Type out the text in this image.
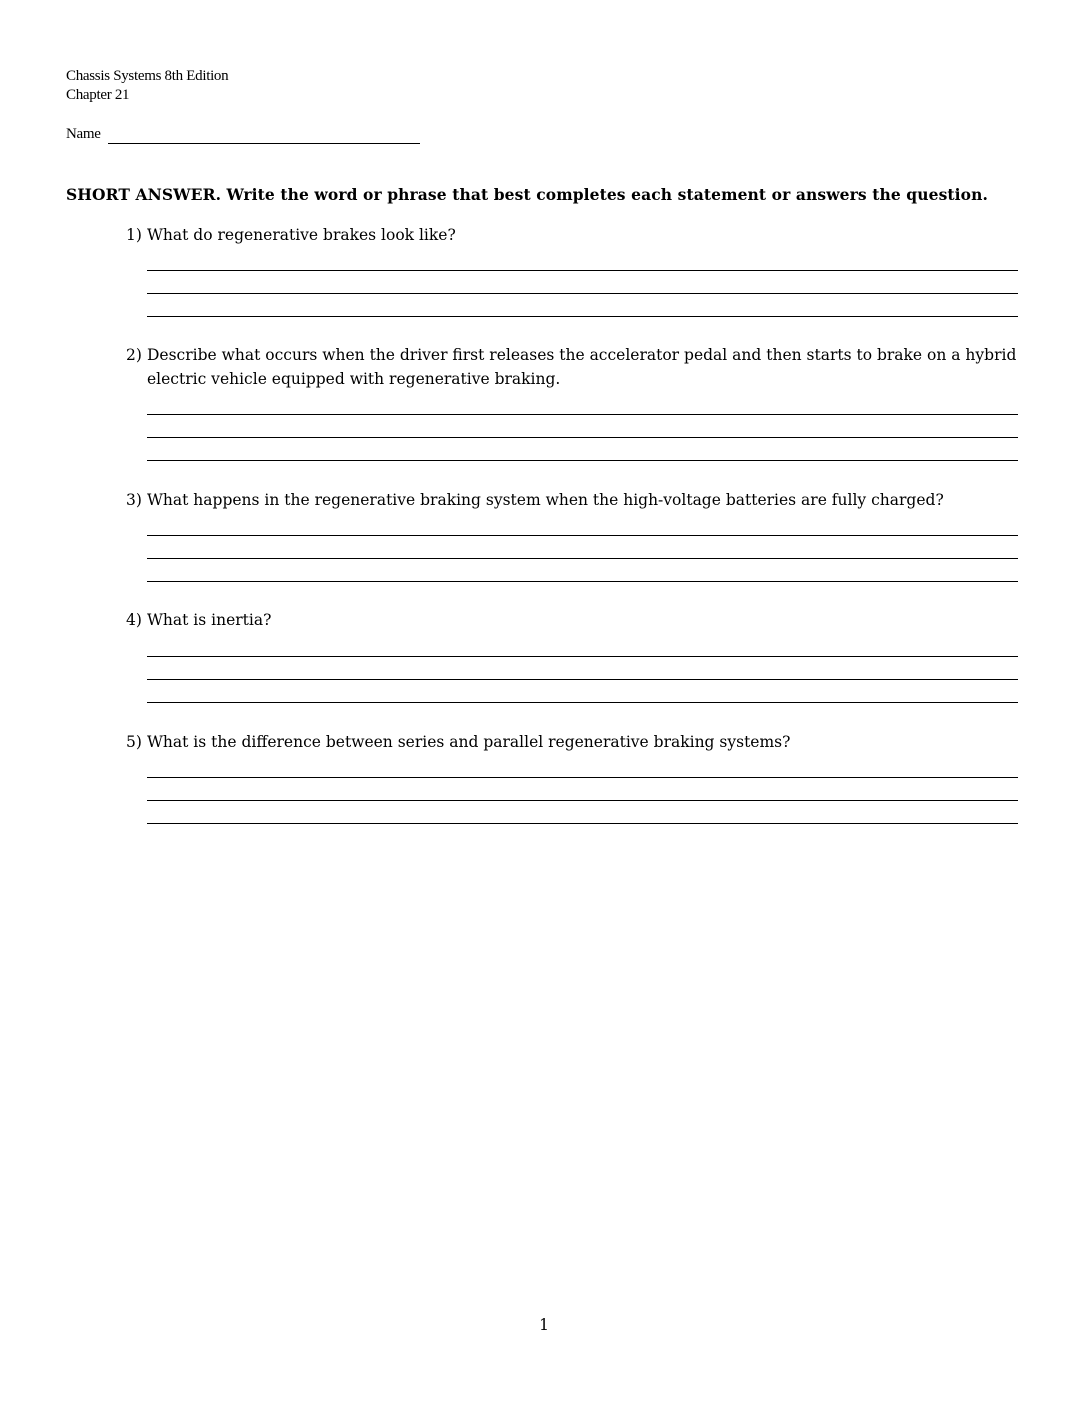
Chassis Systems 8th Edition
Chapter 21
Name
SHORT ANSWER. Write the word or phrase that best completes each statement or answers the question.
1) What do regenerative brakes look like?
2) Describe what occurs when the driver first releases the accelerator pedal and then starts to brake on a hybrid electric vehicle equipped with regenerative braking.
3) What happens in the regenerative braking system when the high-voltage batteries are fully charged?
4) What is inertia?
5) What is the difference between series and parallel regenerative braking systems?
1
